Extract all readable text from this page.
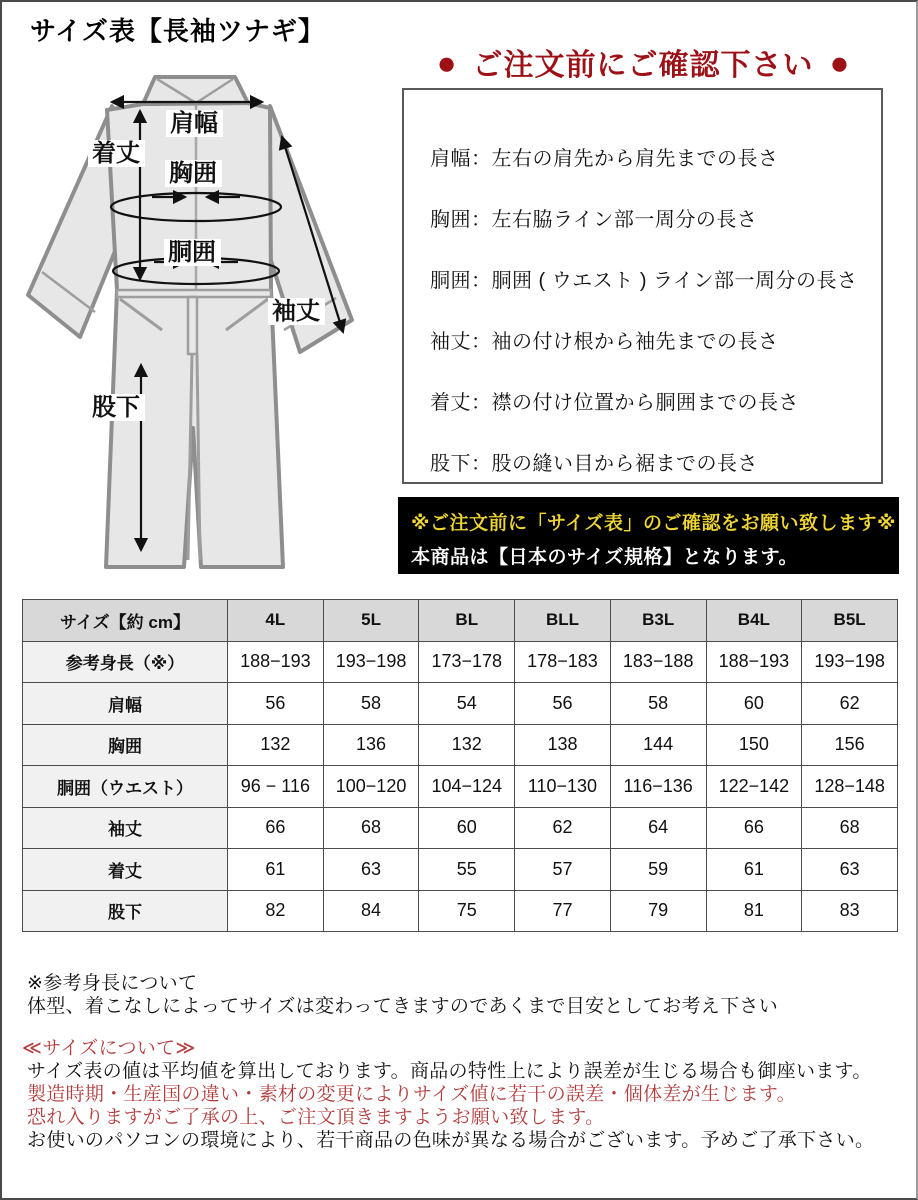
サイズ表【長袖ツナギ】
肩幅
着丈
胸囲
胴囲
袖丈
股下
● ご注文前にご確認下さい ●
肩幅：左右の肩先から肩先までの長さ
胸囲：左右脇ライン部一周分の長さ
胴囲：胴囲 ( ウエスト ) ライン部一周分の長さ
袖丈：袖の付け根から袖先までの長さ
着丈：襟の付け位置から胴囲までの長さ
股下：股の縫い目から裾までの長さ
※ご注文前に「サイズ表」のご確認をお願い致します※
本商品は【日本のサイズ規格】となります。
サイズ【約 cm】	4L	5L	BL	BLL	B3L	B4L	B5L
参考身長（※）	188−193	193−198	173−178	178−183	183−188	188−193	193−198
肩幅	56	58	54	56	58	60	62
胸囲	132	136	132	138	144	150	156
胴囲（ウエスト）	96 − 116	100−120	104−124	110−130	116−136	122−142	128−148
袖丈	66	68	60	62	64	66	68
着丈	61	63	55	57	59	61	63
股下	82	84	75	77	79	81	83
※参考身長について
体型、着こなしによってサイズは変わってきますのであくまで目安としてお考え下さい
≪サイズについて≫
サイズ表の値は平均値を算出しております。商品の特性上により誤差が生じる場合も御座います。
製造時期・生産国の違い・素材の変更によりサイズ値に若干の誤差・個体差が生じます。
恐れ入りますがご了承の上、ご注文頂きますようお願い致します。
お使いのパソコンの環境により、若干商品の色味が異なる場合がございます。予めご了承下さい。
